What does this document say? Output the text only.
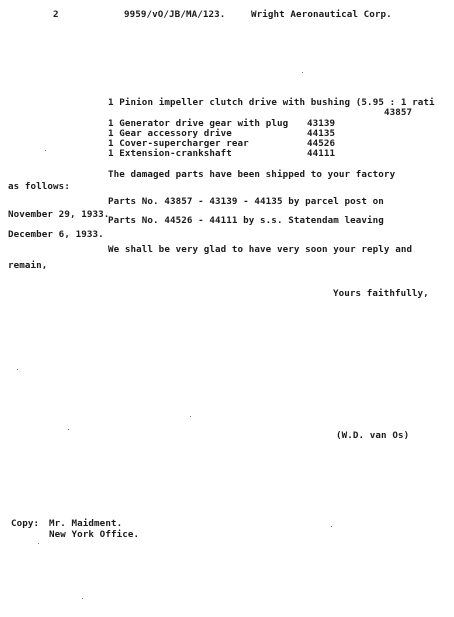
2	9959/vO/JB/MA/123.	Wright Aeronautical Corp.
1 Pinion impeller clutch drive with bushing (5.95 : 1 rati
43857
1 Generator drive gear with plug 43139
1 Gear accessory drive	44135
1 Cover-supercharger rear	44526
1 Extension-crankshaft	44111
The damaged parts have been shipped to your factory
as follows:
Parts No. 43857 - 43139 - 44135 by parcel post on
November 29, 1933.
Parts No. 44526 - 44111 by s.s. Statendam leaving
December 6, 1933.
We shall be very glad to have very soon your reply and
remain,
Yours faithfully,
(W.D. van Os)
Copy: Mr. Maidment.
New York Office.
